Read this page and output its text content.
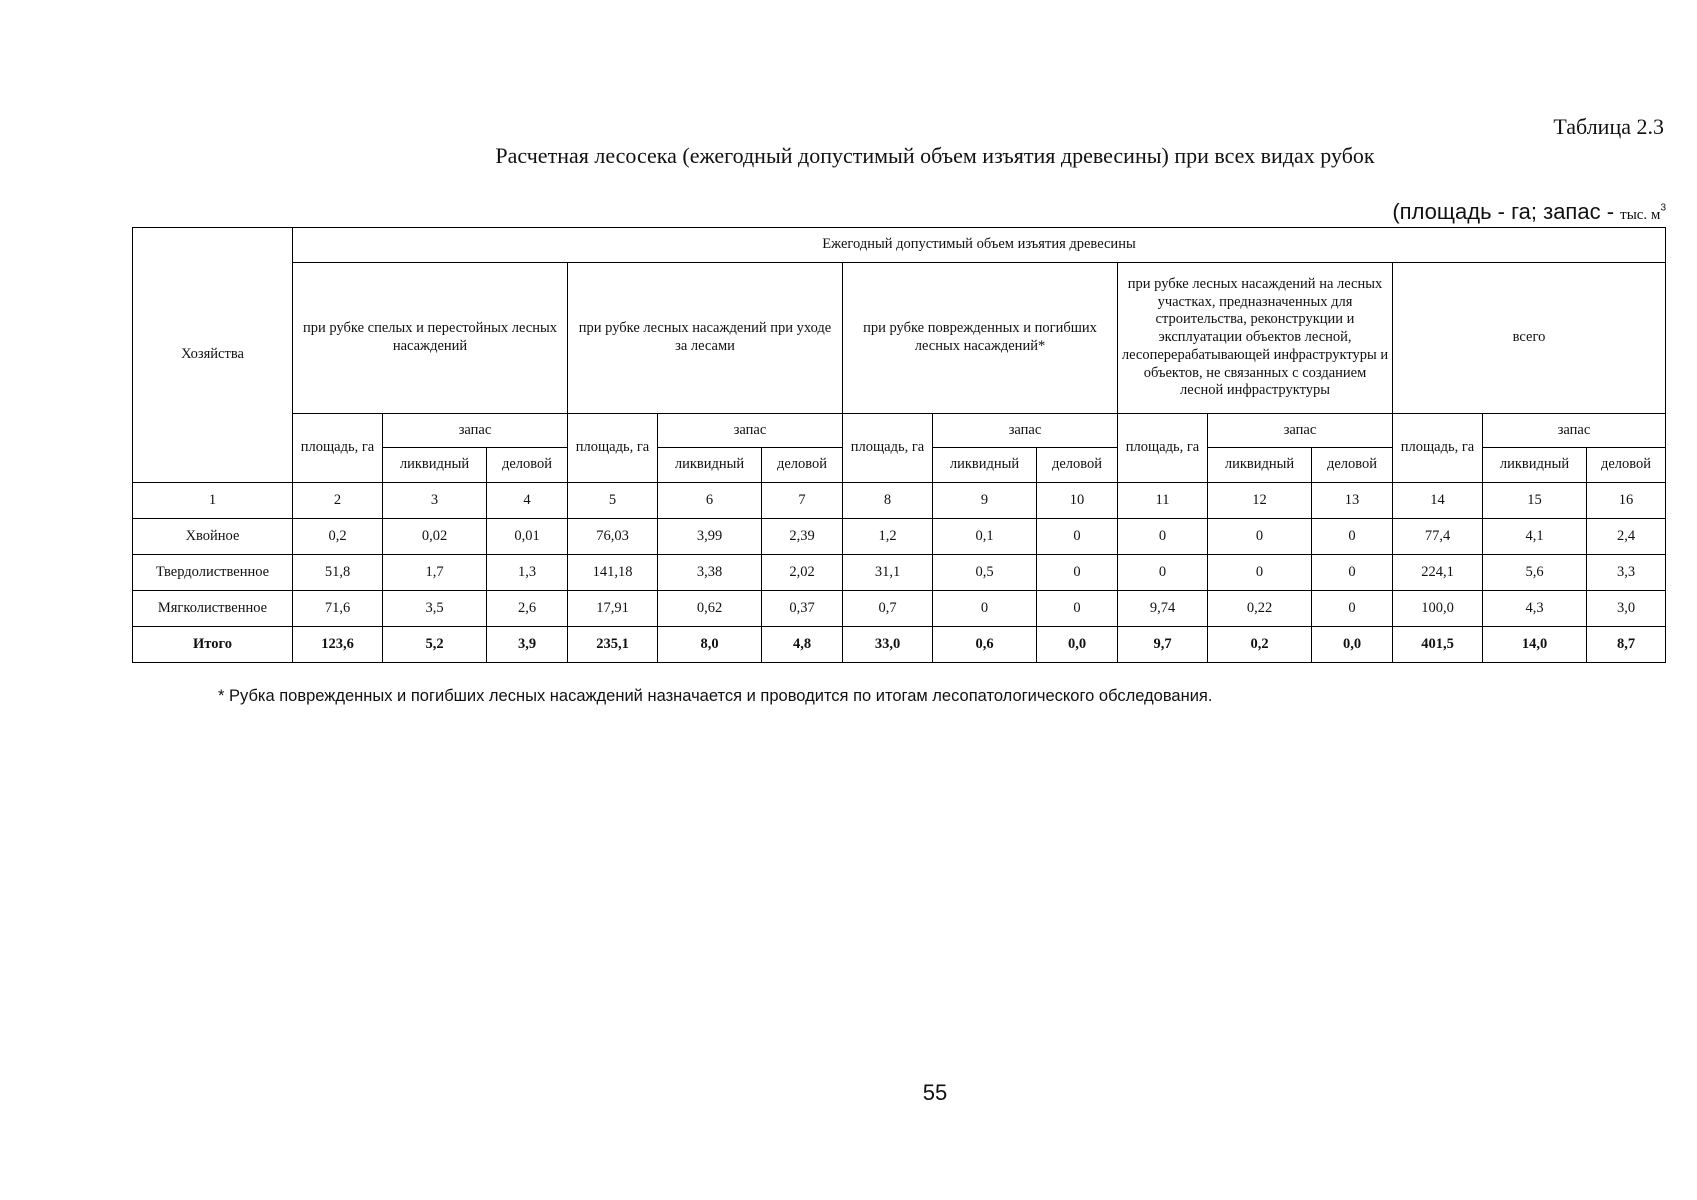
Таблица 2.3
Расчетная лесосека (ежегодный допустимый объем изъятия древесины) при всех видах рубок
(площадь - га; запас - тыс. $м^3$
Хозяйства	Ежегодный допустимый объем изъятия древесины														
	при рубке спелых и перестойных лесных насаждений			при рубке лесных насаждений при уходе за лесами			при рубке поврежденных и погибших лесных насаждений*			при рубке лесных насаждений на лесных участках, предназначенных для строительства, реконструкции и эксплуатации объектов лесной, лесоперерабатывающей инфраструктуры и объектов, не связанных с созданием лесной инфраструктуры			всего		
	площадь, га	запас		площадь, га	запас		площадь, га	запас		площадь, га	запас		площадь, га	запас	
		ликвидный	деловой		ликвидный	деловой		ликвидный	деловой		ликвидный	деловой		ликвидный	деловой
1	2	3	4	5	6	7	8	9	10	11	12	13	14	15	16
Хвойное	0,2	0,02	0,01	76,03	3,99	2,39	1,2	0,1	0	0	0	0	77,4	4,1	2,4
Твердолиственное	51,8	1,7	1,3	141,18	3,38	2,02	31,1	0,5	0	0	0	0	224,1	5,6	3,3
Мягколиственное	71,6	3,5	2,6	17,91	0,62	0,37	0,7	0	0	9,74	0,22	0	100,0	4,3	3,0
Итого	123,6	5,2	3,9	235,1	8,0	4,8	33,0	0,6	0,0	9,7	0,2	0,0	401,5	14,0	8,7
* Рубка поврежденных и погибших лесных насаждений назначается и проводится по итогам лесопатологического обследования.
55
